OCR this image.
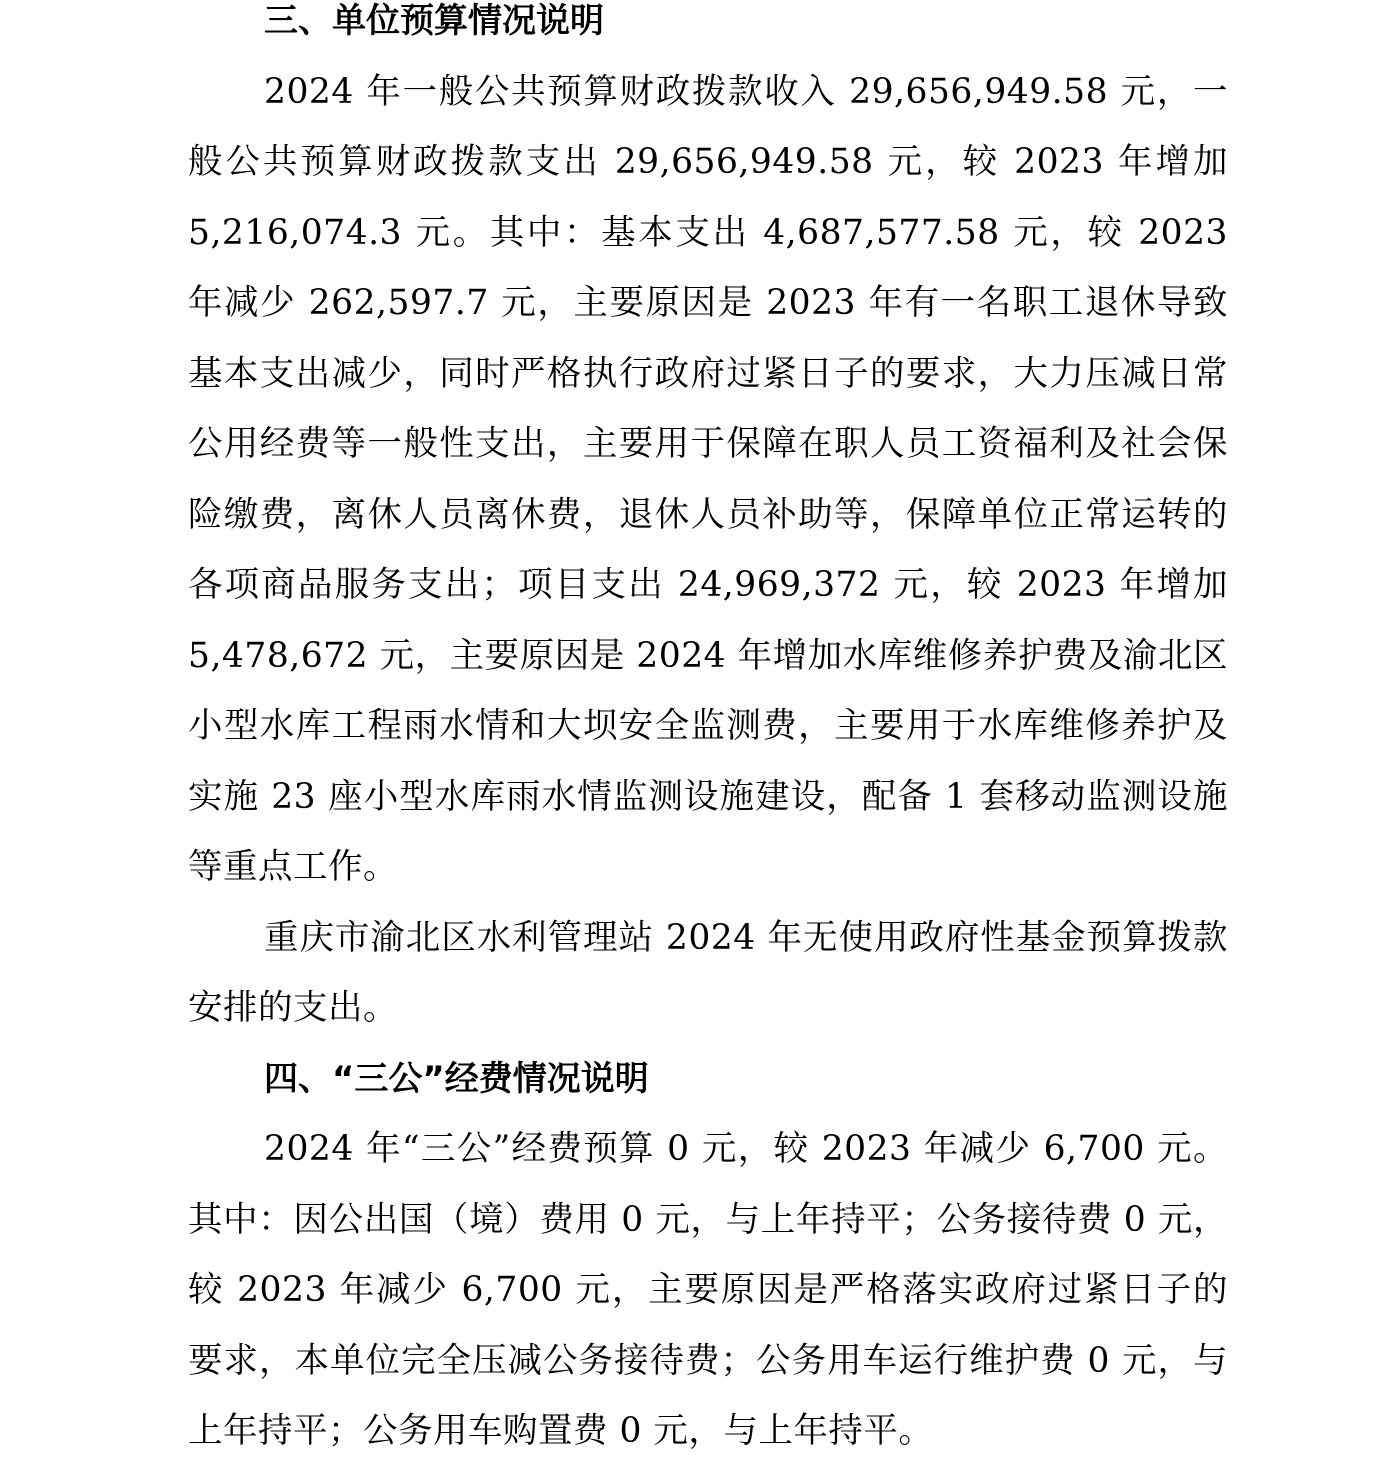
三、单位预算情况说明

2024 年一般公共预算财政拨款收入 29,656,949.58 元，一般公共预算财政拨款支出 29,656,949.58 元，较 2023 年增加 5,216,074.3 元。其中：基本支出 4,687,577.58 元，较 2023 年减少 262,597.7 元，主要原因是 2023 年有一名职工退休导致基本支出减少，同时严格执行政府过紧日子的要求，大力压减日常公用经费等一般性支出，主要用于保障在职人员工资福利及社会保险缴费，离休人员离休费，退休人员补助等，保障单位正常运转的各项商品服务支出；项目支出 24,969,372 元，较 2023 年增加 5,478,672 元，主要原因是 2024 年增加水库维修养护费及渝北区小型水库工程雨水情和大坝安全监测费，主要用于水库维修养护及实施 23 座小型水库雨水情监测设施建设，配备 1 套移动监测设施等重点工作。

重庆市渝北区水利管理站 2024 年无使用政府性基金预算拨款安排的支出。

四、“三公”经费情况说明

2024 年“三公”经费预算 0 元，较 2023 年减少 6,700 元。其中：因公出国（境）费用 0 元，与上年持平；公务接待费 0 元，较 2023 年减少 6,700 元，主要原因是严格落实政府过紧日子的要求，本单位完全压减公务接待费；公务用车运行维护费 0 元，与上年持平；公务用车购置费 0 元，与上年持平。
